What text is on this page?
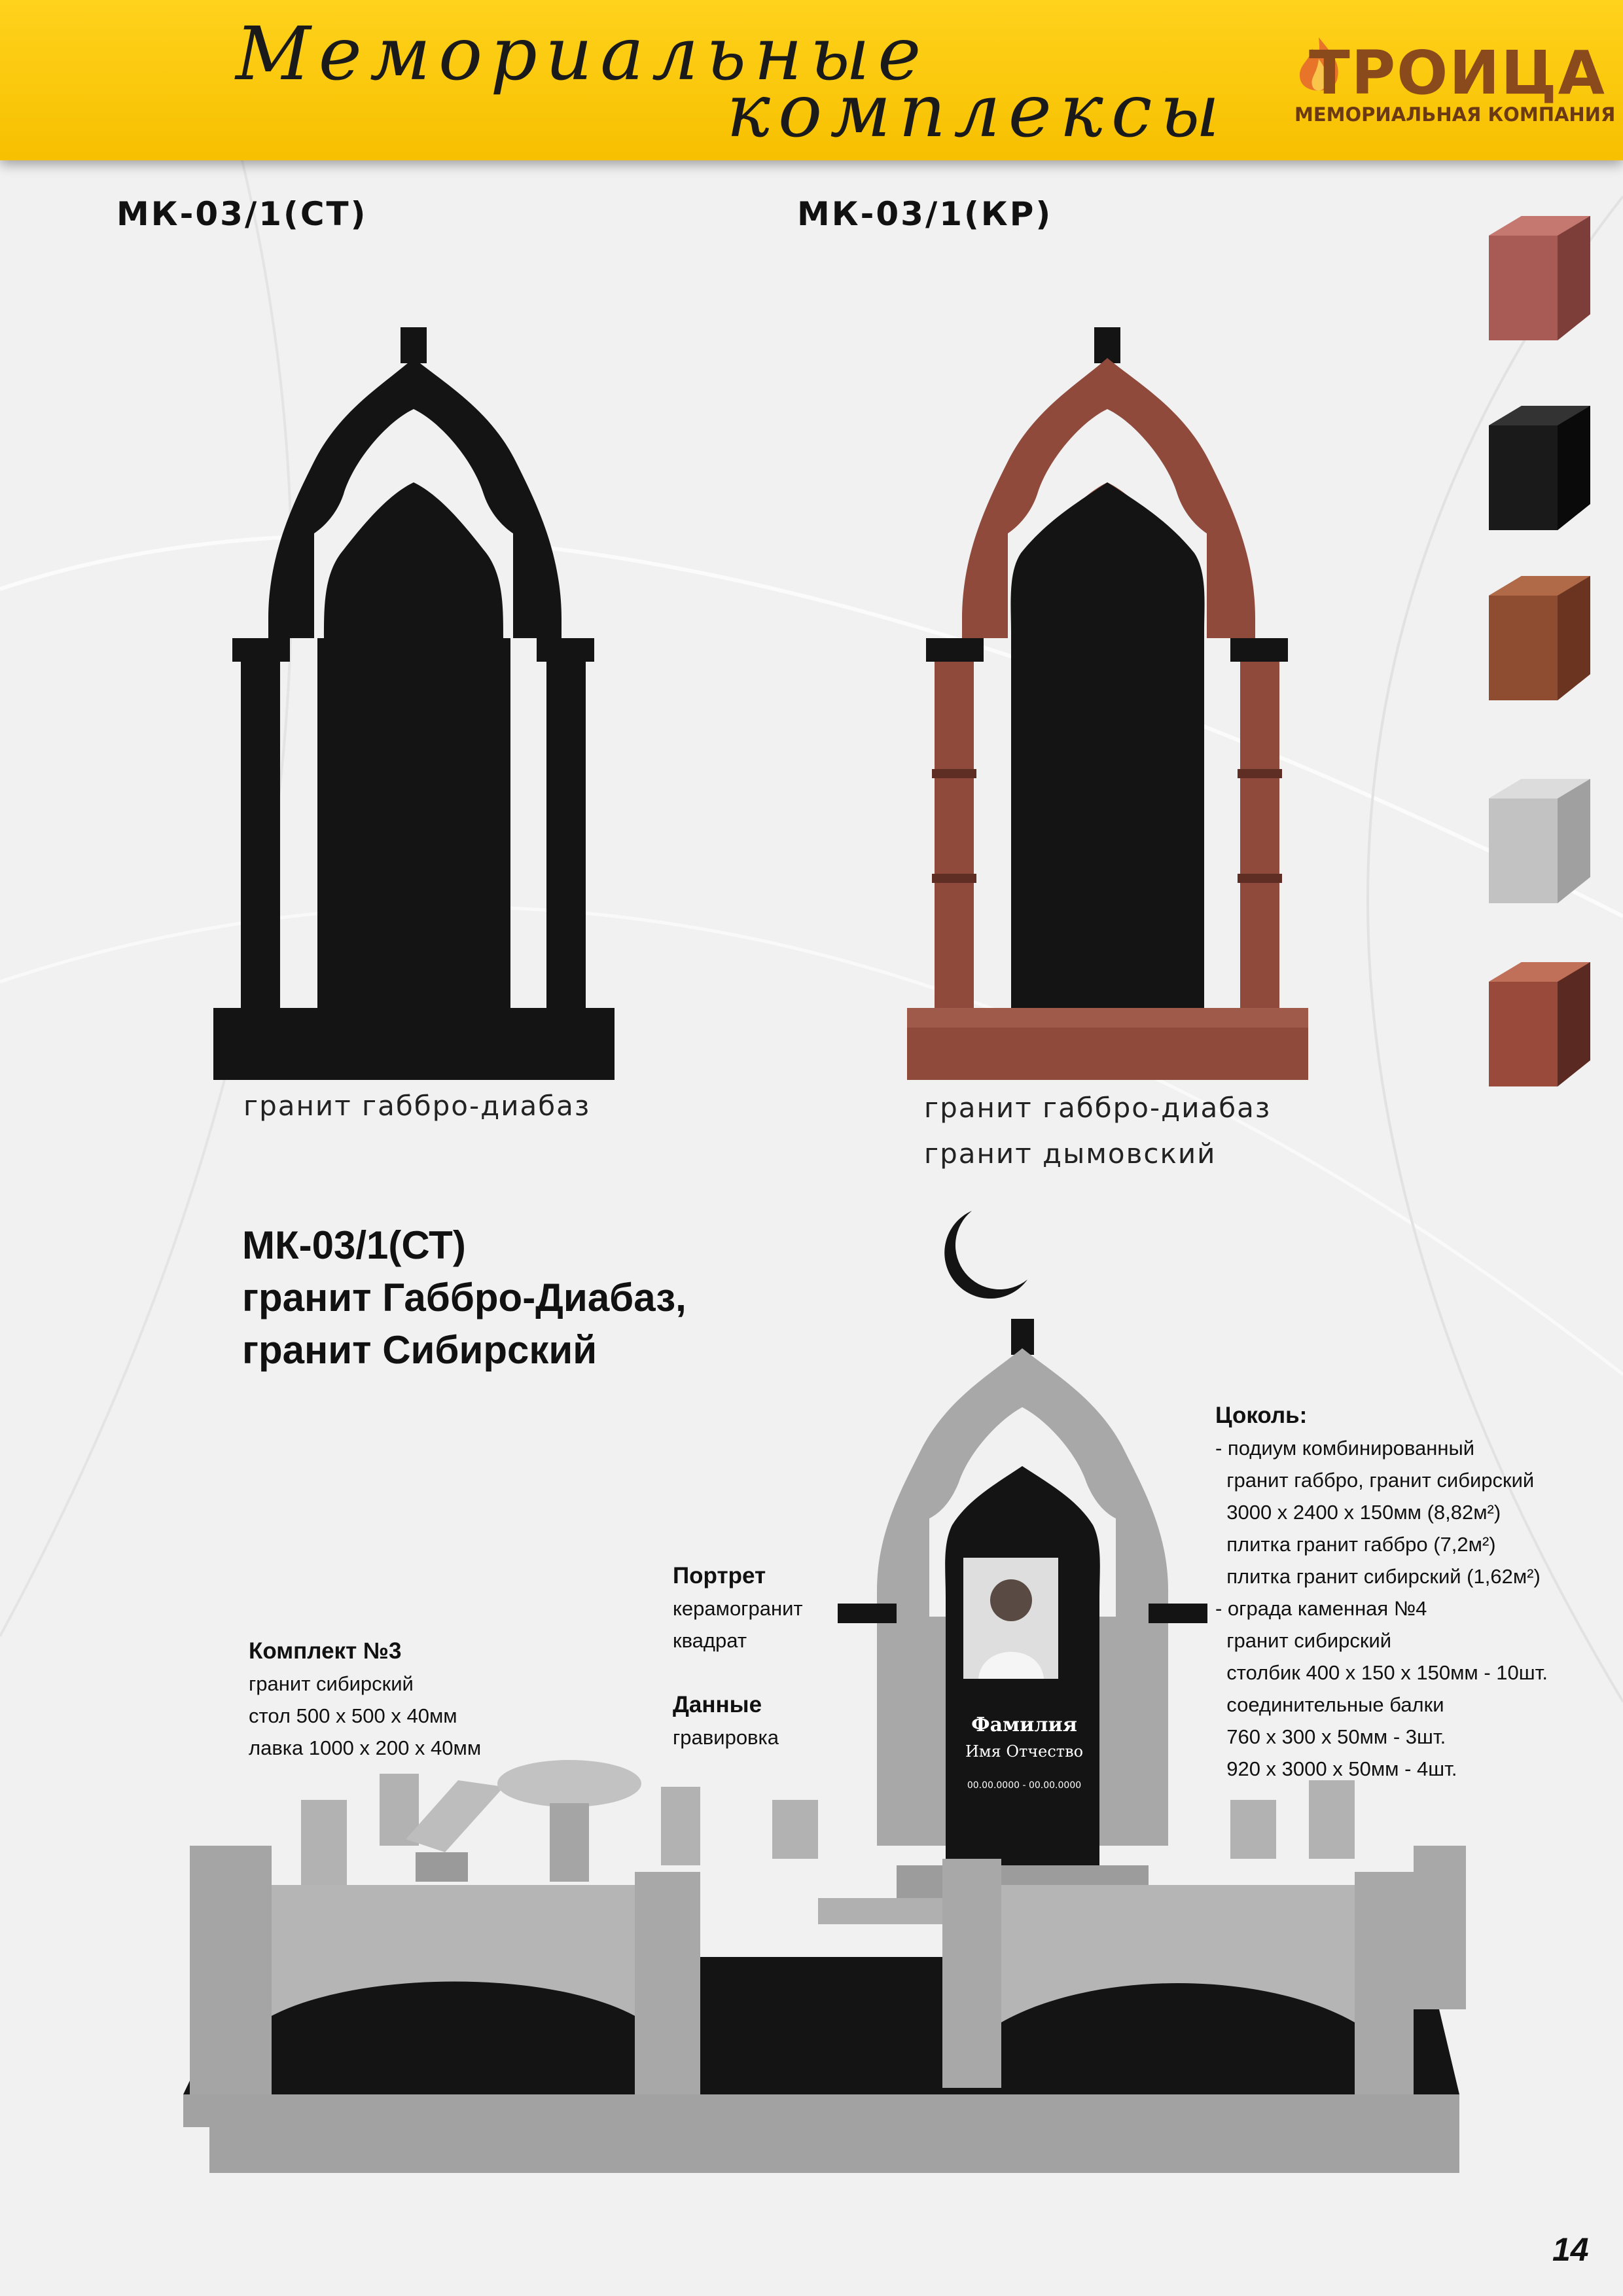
Мемориальные
комплексы ТРОИЦА
МЕМОРИАЛЬНАЯ КОМПАНИЯ
МК-03/1(СТ)	МК-03/1(КР)
гранит габбро-диабаз	гранит габбро-диабаз
гранит дымовский
МК-03/1(СТ)
гранит Габбро-Диабаз,
гранит Сибирский
Фамилия
Имя Отчество
00.00.0000 - 00.00.0000
Комплект №3
гранит сибирский
стол 500 х 500 х 40мм
лавка 1000 х 200 х 40мм
Портрет
керамогранит
квадрат
Данные
гравировка
Цоколь:
- подиум комбинированный
гранит габбро, гранит сибирский
3000 х 2400 х 150мм (8,82м²)
плитка гранит габбро (7,2м²)
плитка гранит сибирский (1,62м²)
- ограда каменная №4
гранит сибирский
столбик 400 х 150 х 150мм - 10шт.
соединительные балки
760 х 300 х 50мм - 3шт.
920 х 3000 х 50мм - 4шт.
14
